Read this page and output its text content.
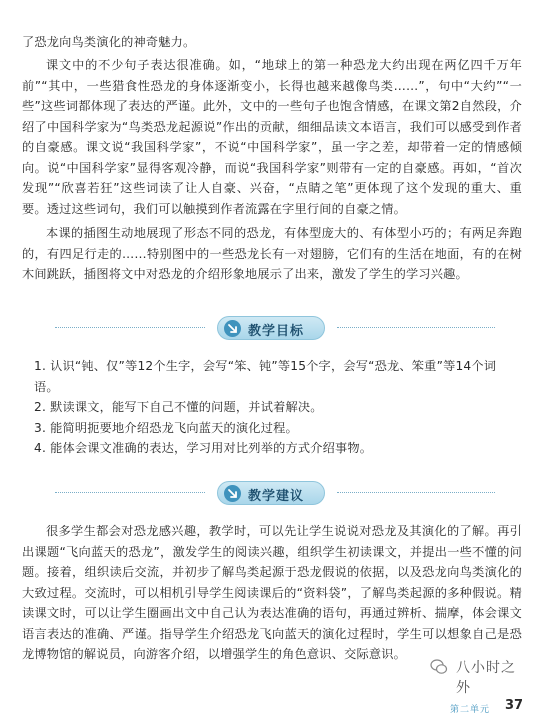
了恐龙向鸟类演化的神奇魅力。

课文中的不少句子表达很准确。如，“地球上的第一种恐龙大约出现在两亿四千万年前”“其中，一些猎食性恐龙的身体逐渐变小，长得也越来越像鸟类……”，句中“大约”“一些”这些词都体现了表达的严谨。此外，文中的一些句子也饱含情感，在课文第2自然段，介绍了中国科学家为“鸟类恐龙起源说”作出的贡献，细细品读文本语言，我们可以感受到作者的自豪感。课文说“我国科学家”，不说“中国科学家”，虽一字之差，却带着一定的情感倾向。说“中国科学家”显得客观冷静，而说“我国科学家”则带有一定的自豪感。再如，“首次发现”“欣喜若狂”这些词读了让人自豪、兴奋，“点睛之笔”更体现了这个发现的重大、重要。透过这些词句，我们可以触摸到作者流露在字里行间的自豪之情。

本课的插图生动地展现了形态不同的恐龙，有体型庞大的、有体型小巧的；有两足奔跑的，有四足行走的……特别图中的一些恐龙长有一对翅膀，它们有的生活在地面，有的在树木间跳跃，插图将文中对恐龙的介绍形象地展示了出来，激发了学生的学习兴趣。

教学目标

1. 认识“钝、仅”等12个生字，会写“笨、钝”等15个字，会写“恐龙、笨重”等14个词语。

2. 默读课文，能写下自己不懂的问题，并试着解决。

3. 能简明扼要地介绍恐龙飞向蓝天的演化过程。

4. 能体会课文准确的表达，学习用对比列举的方式介绍事物。

教学建议

很多学生都会对恐龙感兴趣，教学时，可以先让学生说说对恐龙及其演化的了解。再引出课题“飞向蓝天的恐龙”，激发学生的阅读兴趣，组织学生初读课文，并提出一些不懂的问题。接着，组织读后交流，并初步了解鸟类起源于恐龙假说的依据，以及恐龙向鸟类演化的大致过程。交流时，可以相机引导学生阅读课后的“资料袋”，了解鸟类起源的多种假说。精读课文时，可以让学生圈画出文中自己认为表达准确的语句，再通过辨析、揣摩，体会课文语言表达的准确、严谨。指导学生介绍恐龙飞向蓝天的演化过程时，学生可以想象自己是恐龙博物馆的解说员，向游客介绍，以增强学生的角色意识、交际意识。

八小时之外
第二单元 37
